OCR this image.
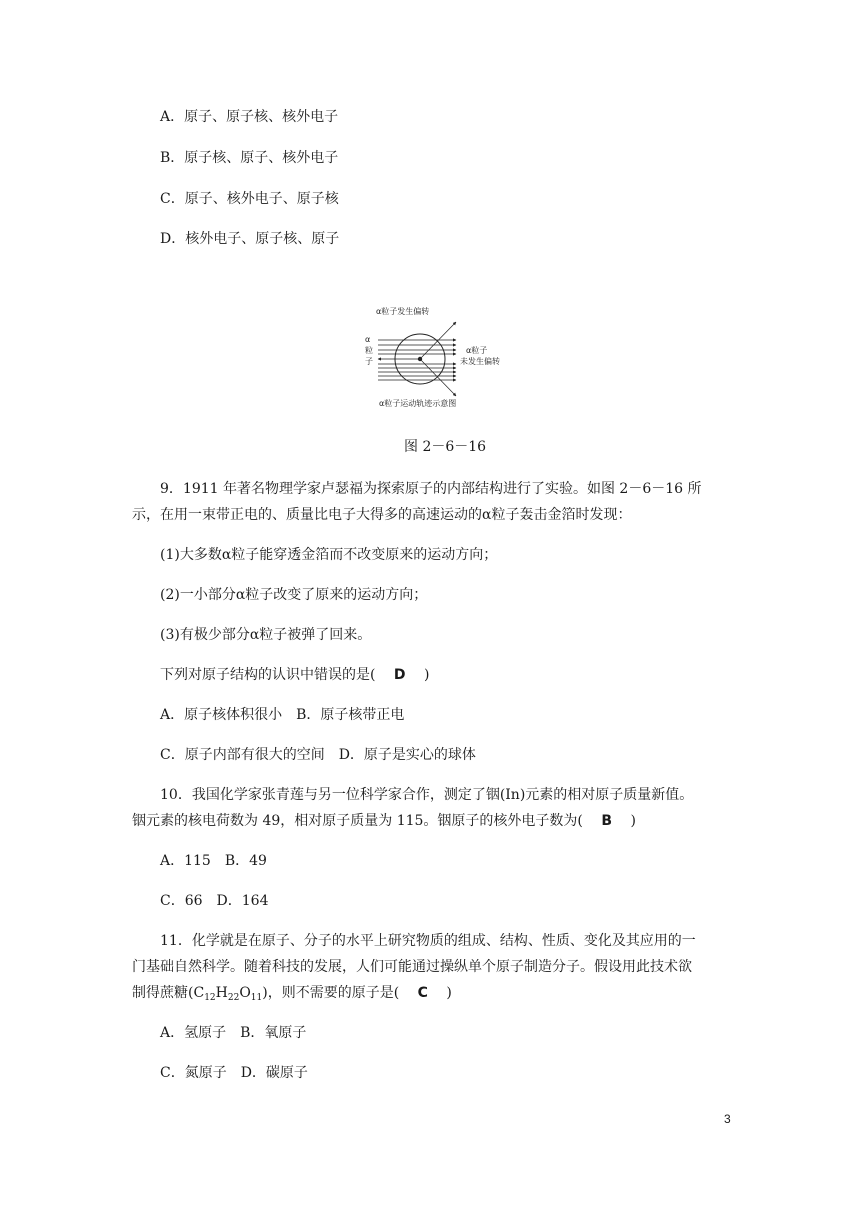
A．原子、原子核、核外电子
B．原子核、原子、核外电子
C．原子、核外电子、原子核
D．核外电子、原子核、原子
α粒子发生偏转
α
粒
子
α粒子
未发生偏转
α粒子运动轨迹示意图
图 2－6－16
9．1911 年著名物理学家卢瑟福为探索原子的内部结构进行了实验。如图 2－6－16 所
示，在用一束带正电的、质量比电子大得多的高速运动的α粒子轰击金箔时发现：
(1)大多数α粒子能穿透金箔而不改变原来的运动方向；
(2)一小部分α粒子改变了原来的运动方向；
(3)有极少部分α粒子被弹了回来。
下列对原子结构的认识中错误的是( D )
A．原子核体积很小　B．原子核带正电
C．原子内部有很大的空间　D．原子是实心的球体
10．我国化学家张青莲与另一位科学家合作，测定了铟(In)元素的相对原子质量新值。
铟元素的核电荷数为 49，相对原子质量为 115。铟原子的核外电子数为( B )
A．115　B．49
C．66　D．164
11．化学就是在原子、分子的水平上研究物质的组成、结构、性质、变化及其应用的一
门基础自然科学。随着科技的发展，人们可能通过操纵单个原子制造分子。假设用此技术欲
制得蔗糖$(C_{12}H_{22}O_{11})$，则不需要的原子是( C )
A．氢原子　B．氧原子
C．氮原子　D．碳原子
3
